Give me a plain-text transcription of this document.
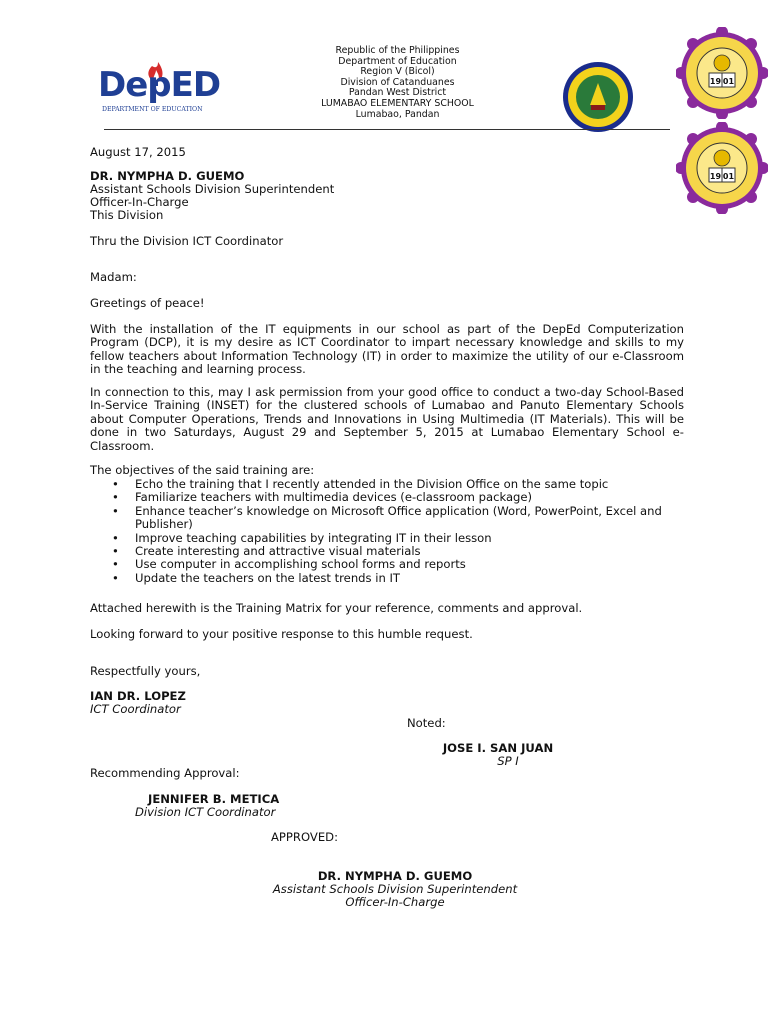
DepED
DEPARTMENT OF EDUCATION
Republic of the Philippines
Department of Education
Region V (Bicol)
Division of Catanduanes
Pandan West District
LUMABAO ELEMENTARY SCHOOL
Lumabao, Pandan
19 01
19 01

August 17, 2015

DR. NYMPHA D. GUEMO

Assistant Schools Division Superintendent

Officer-In-Charge

This Division

Thru the Division ICT Coordinator

Madam:

Greetings of peace!

With the installation of the IT equipments in our school as part of the DepEd Computerization Program (DCP), it is my desire as ICT Coordinator to impart necessary knowledge and skills to my fellow teachers about Information Technology (IT) in order to maximize the utility of our e-Classroom in the teaching and learning process.

In connection to this, may I ask permission from your good office to conduct a two-day School-Based In-Service Training (INSET) for the clustered schools of Lumabao and Panuto Elementary Schools about Computer Operations, Trends and Innovations in Using Multimedia (IT Materials). This will be done in two Saturdays, August 29 and September 5, 2015 at Lumabao Elementary School e-Classroom.

The objectives of the said training are:

• Echo the training that I recently attended in the Division Office on the same topic
• Familiarize teachers with multimedia devices (e-classroom package)
• Enhance teacher’s knowledge on Microsoft Office application (Word, PowerPoint, Excel and Publisher)
• Improve teaching capabilities by integrating IT in their lesson
• Create interesting and attractive visual materials
• Use computer in accomplishing school forms and reports
• Update the teachers on the latest trends in IT

Attached herewith is the Training Matrix for your reference, comments and approval.

Looking forward to your positive response to this humble request.

Respectfully yours,

IAN DR. LOPEZ

ICT Coordinator

Noted:

JOSE I. SAN JUAN

SP I

Recommending Approval:

JENNIFER B. METICA

Division ICT Coordinator

APPROVED:

DR. NYMPHA D. GUEMO

Assistant Schools Division Superintendent

Officer-In-Charge
